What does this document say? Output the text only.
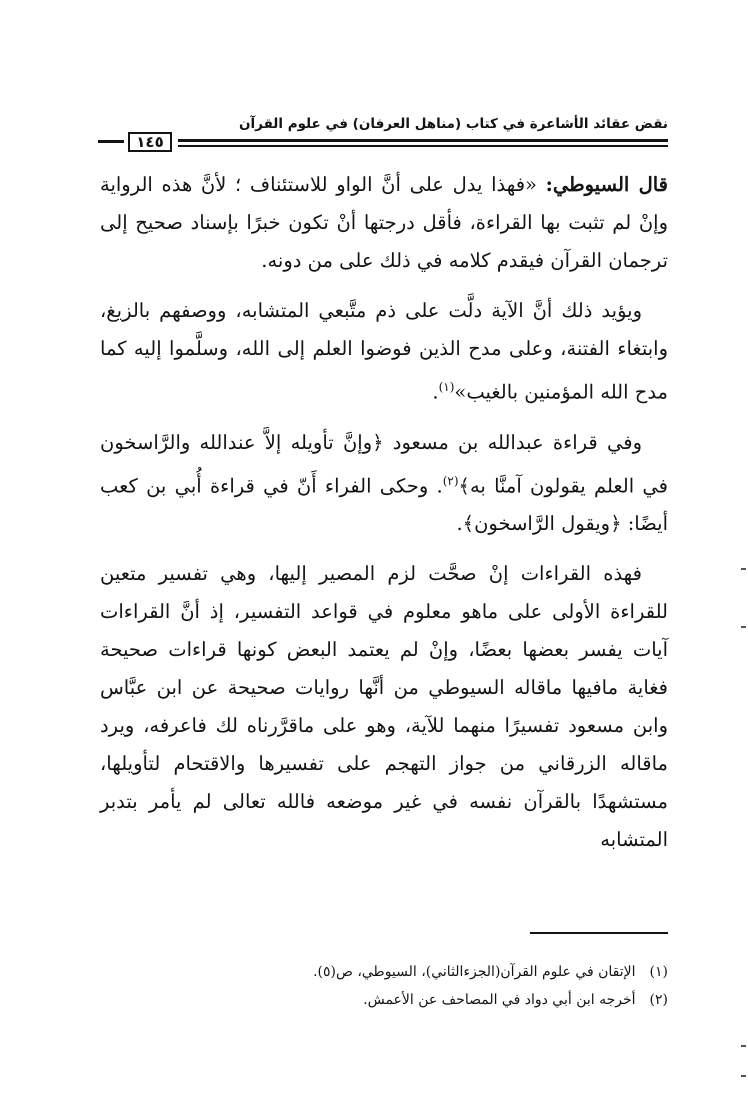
نقض عقائد الأشاعرة في كتاب (مناهل العرفان) في علوم القرآن
١٤٥

قال السيوطي: «فهذا يدل على أنَّ الواو للاستئناف ؛ لأنَّ هذه الرواية وإنْ لم تثبت بها القراءة، فأقل درجتها أنْ تكون خبرًا بإسناد صحيح إلى ترجمان القرآن فيقدم كلامه في ذلك على من دونه.

ويؤيد ذلك أنَّ الآية دلَّت على ذم متَّبعي المتشابه، ووصفهم بالزيغ، وابتغاء الفتنة، وعلى مدح الذين فوضوا العلم إلى الله، وسلَّموا إليه كما مدح الله المؤمنين بالغيب»$^{(١)}$.

وفي قراءة عبدالله بن مسعود ﴿وإنَّ تأويله إلاَّ عندالله والرَّاسخون في العلم يقولون آمنَّا به﴾$^{(٢)}$. وحكى الفراء أَنّ في قراءة أُبي بن كعب أيضًا: ﴿ويقول الرَّاسخون﴾.

فهذه القراءات إنْ صحَّت لزم المصير إليها، وهي تفسير متعين للقراءة الأولى على ماهو معلوم في قواعد التفسير، إذ أنَّ القراءات آيات يفسر بعضها بعضًا، وإنْ لم يعتمد البعض كونها قراءات صحيحة فغاية مافيها ماقاله السيوطي من أنَّها روايات صحيحة عن ابن عبَّاس وابن مسعود تفسيرًا منهما للآية، وهو على ماقرَّرناه لك فاعرفه، ويرد ماقاله الزرقاني من جواز التهجم على تفسيرها والاقتحام لتأويلها، مستشهدًا بالقرآن نفسه في غير موضعه فالله تعالى لم يأمر بتدبر المتشابه

(١) الإتقان في علوم القرآن(الجزءالثاني)، السيوطي، ص(٥).
(٢) أخرجه ابن أبي دواد في المصاحف عن الأعمش.
